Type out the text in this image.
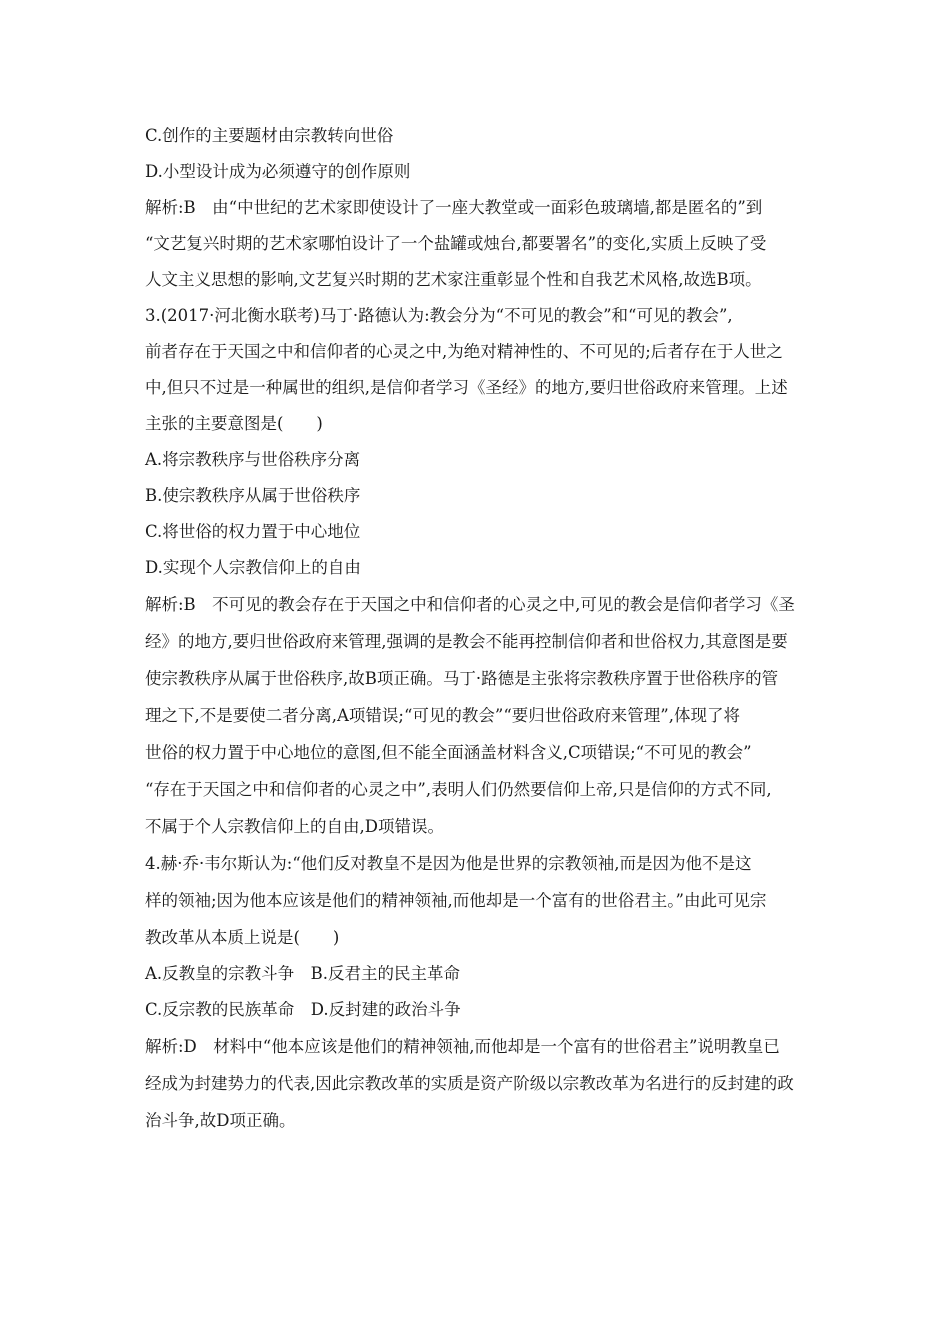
C.创作的主要题材由宗教转向世俗
D.小型设计成为必须遵守的创作原则
解析:B　由“中世纪的艺术家即使设计了一座大教堂或一面彩色玻璃墙,都是匿名的”到
“文艺复兴时期的艺术家哪怕设计了一个盐罐或烛台,都要署名”的变化,实质上反映了受
人文主义思想的影响,文艺复兴时期的艺术家注重彰显个性和自我艺术风格,故选B项。
3.(2017·河北衡水联考)马丁·路德认为:教会分为“不可见的教会”和“可见的教会”,
前者存在于天国之中和信仰者的心灵之中,为绝对精神性的、不可见的;后者存在于人世之
中,但只不过是一种属世的组织,是信仰者学习《圣经》的地方,要归世俗政府来管理。上述
主张的主要意图是(　　)
A.将宗教秩序与世俗秩序分离
B.使宗教秩序从属于世俗秩序
C.将世俗的权力置于中心地位
D.实现个人宗教信仰上的自由
解析:B　不可见的教会存在于天国之中和信仰者的心灵之中,可见的教会是信仰者学习《圣
经》的地方,要归世俗政府来管理,强调的是教会不能再控制信仰者和世俗权力,其意图是要
使宗教秩序从属于世俗秩序,故B项正确。马丁·路德是主张将宗教秩序置于世俗秩序的管
理之下,不是要使二者分离,A项错误;“可见的教会”“要归世俗政府来管理”,体现了将
世俗的权力置于中心地位的意图,但不能全面涵盖材料含义,C项错误;“不可见的教会”
“存在于天国之中和信仰者的心灵之中”,表明人们仍然要信仰上帝,只是信仰的方式不同,
不属于个人宗教信仰上的自由,D项错误。
4.赫·乔·韦尔斯认为:“他们反对教皇不是因为他是世界的宗教领袖,而是因为他不是这
样的领袖;因为他本应该是他们的精神领袖,而他却是一个富有的世俗君主。”由此可见宗
教改革从本质上说是(　　)
A.反教皇的宗教斗争　B.反君主的民主革命
C.反宗教的民族革命　D.反封建的政治斗争
解析:D　材料中“他本应该是他们的精神领袖,而他却是一个富有的世俗君主”说明教皇已
经成为封建势力的代表,因此宗教改革的实质是资产阶级以宗教改革为名进行的反封建的政
治斗争,故D项正确。
